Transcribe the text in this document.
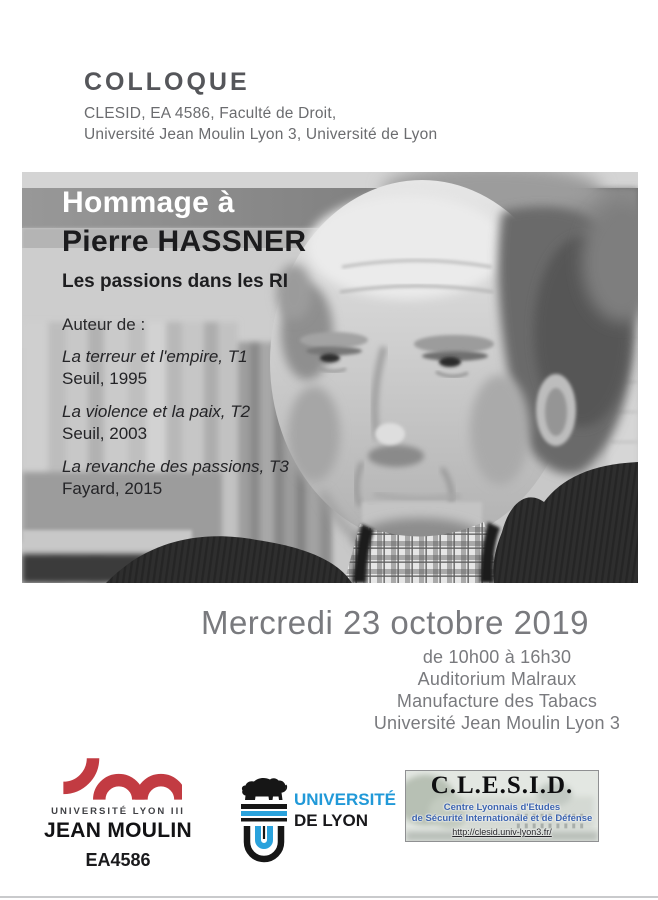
COLLOQUE
CLESID, EA 4586, Faculté de Droit,
Université Jean Moulin Lyon 3, Université de Lyon
Hommage à
Pierre HASSNER
Les passions dans les RI
Auteur de :
La terreur et l'empire, T1
Seuil, 1995
La violence et la paix, T2
Seuil, 2003
La revanche des passions, T3
Fayard, 2015
Mercredi 23 octobre 2019
de 10h00 à 16h30
Auditorium Malraux
Manufacture des Tabacs
Université Jean Moulin Lyon 3
UNIVERSITÉ LYON III
JEAN MOULIN
EA4586
UNIVERSITÉ
DE LYON
C.L.E.S.I.D.
Centre Lyonnais d'Etudes
de Sécurité Internationale et de Défense
http://clesid.univ-lyon3.fr/
